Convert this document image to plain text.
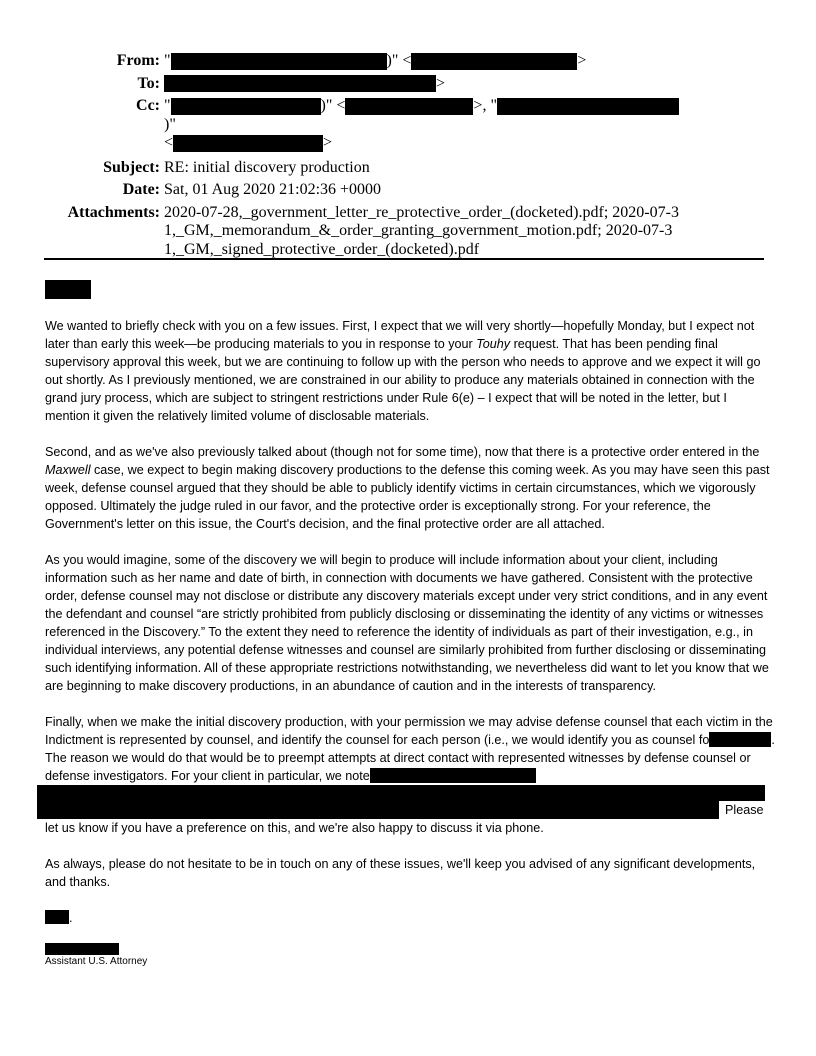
From: "	)" <	>
To:	>
Cc: "	)" <	>, ")"
<	>
Subject: RE: initial discovery production
Date: Sat, 01 Aug 2020 21:02:36 +0000
Attachments: 2020-07-28,_government_letter_re_protective_order_(docketed).pdf; 2020-07-31,_GM,_memorandum_&_order_granting_government_motion.pdf; 2020-07-31,_GM,_signed_protective_order_(docketed).pdf

We wanted to briefly check with you on a few issues. First, I expect that we will very shortly—hopefully Monday, but I expect not later than early this week—be producing materials to you in response to your Touhy request. That has been pending final supervisory approval this week, but we are continuing to follow up with the person who needs to approve and we expect it will go out shortly. As I previously mentioned, we are constrained in our ability to produce any materials obtained in connection with the grand jury process, which are subject to stringent restrictions under Rule 6(e) – I expect that will be noted in the letter, but I mention it given the relatively limited volume of disclosable materials.

Second, and as we've also previously talked about (though not for some time), now that there is a protective order entered in the Maxwell case, we expect to begin making discovery productions to the defense this coming week. As you may have seen this past week, defense counsel argued that they should be able to publicly identify victims in certain circumstances, which we vigorously opposed. Ultimately the judge ruled in our favor, and the protective order is exceptionally strong. For your reference, the Government's letter on this issue, the Court's decision, and the final protective order are all attached.

As you would imagine, some of the discovery we will begin to produce will include information about your client, including information such as her name and date of birth, in connection with documents we have gathered. Consistent with the protective order, defense counsel may not disclose or distribute any discovery materials except under very strict conditions, and in any event the defendant and counsel “are strictly prohibited from publicly disclosing or disseminating the identity of any victims or witnesses referenced in the Discovery.” To the extent they need to reference the identity of individuals as part of their investigation, e.g., in individual interviews, any potential defense witnesses and counsel are similarly prohibited from further disclosing or disseminating such identifying information. All of these appropriate restrictions notwithstanding, we nevertheless did want to let you know that we are beginning to make discovery productions, in an abundance of caution and in the interests of transparency.

Finally, when we make the initial discovery production, with your permission we may advise defense counsel that each victim in the Indictment is represented by counsel, and identify the counsel for each person (i.e., we would identify you as counsel fo	. The reason we would do that would be to preempt attempts at direct contact with represented witnesses by defense counsel or defense investigators. For your client in particular, we note

Please
let us know if you have a preference on this, and we're also happy to discuss it via phone.

As always, please do not hesitate to be in touch on any of these issues, we'll keep you advised of any significant developments, and thanks.

.
Assistant U.S. Attorney
